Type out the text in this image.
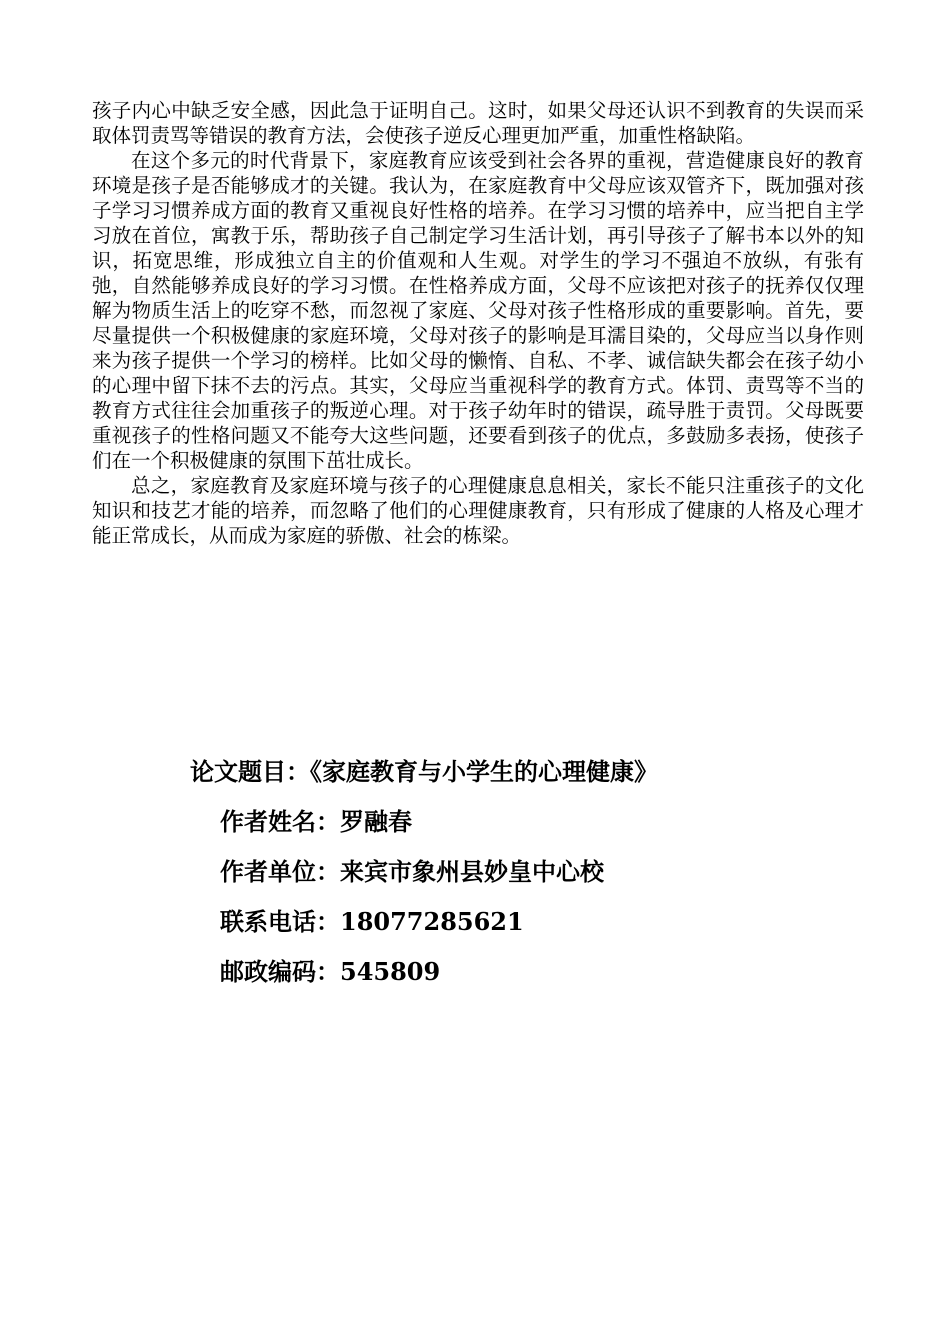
孩子内心中缺乏安全感，因此急于证明自己。这时，如果父母还认识不到教育的失误而采取体罚责骂等错误的教育方法，会使孩子逆反心理更加严重，加重性格缺陷。

在这个多元的时代背景下，家庭教育应该受到社会各界的重视，营造健康良好的教育环境是孩子是否能够成才的关键。我认为，在家庭教育中父母应该双管齐下，既加强对孩子学习习惯养成方面的教育又重视良好性格的培养。在学习习惯的培养中，应当把自主学习放在首位，寓教于乐，帮助孩子自己制定学习生活计划，再引导孩子了解书本以外的知识，拓宽思维，形成独立自主的价值观和人生观。对学生的学习不强迫不放纵，有张有弛，自然能够养成良好的学习习惯。在性格养成方面，父母不应该把对孩子的抚养仅仅理解为物质生活上的吃穿不愁，而忽视了家庭、父母对孩子性格形成的重要影响。首先，要尽量提供一个积极健康的家庭环境，父母对孩子的影响是耳濡目染的，父母应当以身作则来为孩子提供一个学习的榜样。比如父母的懒惰、自私、不孝、诚信缺失都会在孩子幼小的心理中留下抹不去的污点。其实，父母应当重视科学的教育方式。体罚、责骂等不当的教育方式往往会加重孩子的叛逆心理。对于孩子幼年时的错误，疏导胜于责罚。父母既要重视孩子的性格问题又不能夸大这些问题，还要看到孩子的优点，多鼓励多表扬，使孩子们在一个积极健康的氛围下茁壮成长。

总之，家庭教育及家庭环境与孩子的心理健康息息相关，家长不能只注重孩子的文化知识和技艺才能的培养，而忽略了他们的心理健康教育，只有形成了健康的人格及心理才能正常成长，从而成为家庭的骄傲、社会的栋梁。

论文题目：《家庭教育与小学生的心理健康》
作者姓名：罗融春
作者单位：来宾市象州县妙皇中心校
联系电话：18077285621
邮政编码：545809
